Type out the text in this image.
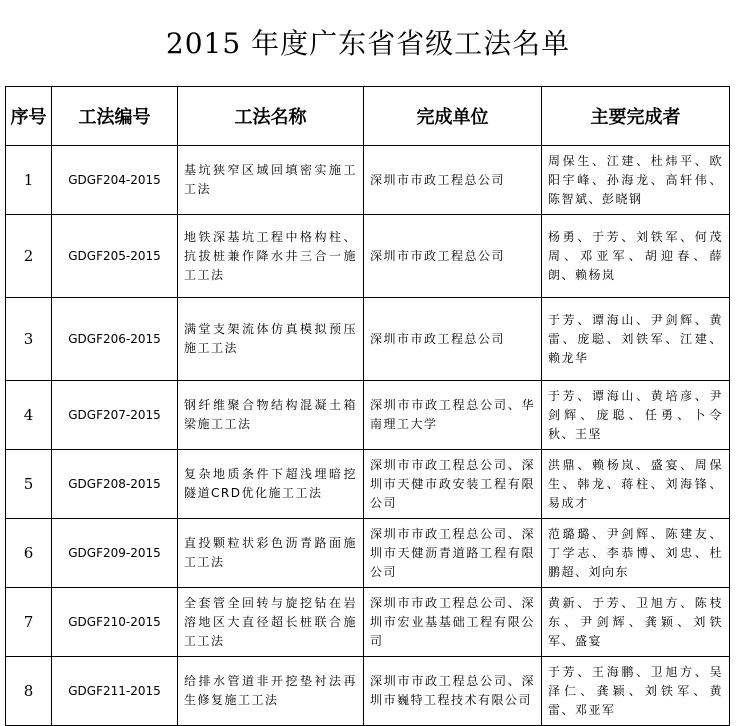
2015 年度广东省省级工法名单
序号	工法编号	工法名称	完成单位	主要完成者
1	GDGF204-2015	基坑狭窄区域回填密实施工工法	深圳市市政工程总公司	周保生、江建、杜炜平、欧阳宇峰、孙海龙、高轩伟、陈智斌、彭晓钢
2	GDGF205-2015	地铁深基坑工程中格构柱、抗拔桩兼作降水井三合一施工工法	深圳市市政工程总公司	杨勇、于芳、刘铁军、何茂周、邓亚军、胡迎春、薛朗、赖杨岚
3	GDGF206-2015	满堂支架流体仿真模拟预压施工工法	深圳市市政工程总公司	于芳、谭海山、尹剑辉、黄雷、庞聪、刘铁军、江建、赖龙华
4	GDGF207-2015	钢纤维聚合物结构混凝土箱梁施工工法	深圳市市政工程总公司、华南理工大学	于芳、谭海山、黄培彦、尹剑辉、庞聪、任勇、卜令秋、王坚
5	GDGF208-2015	复杂地质条件下超浅埋暗挖隧道CRD优化施工工法	深圳市市政工程总公司、深圳市天健市政安装工程有限公司	洪鼎、赖杨岚、盛宴、周保生、韩龙、蒋柱、刘海锋、易成才
6	GDGF209-2015	直投颗粒状彩色沥青路面施工工法	深圳市市政工程总公司、深圳市天健沥青道路工程有限公司	范璐璐、尹剑辉、陈建友、丁学志、李恭博、刘忠、杜鹏超、刘向东
7	GDGF210-2015	全套管全回转与旋挖钻在岩溶地区大直径超长桩联合施工工法	深圳市市政工程总公司、深圳市宏业基基础工程有限公司	黄新、于芳、卫旭方、陈枝东、尹剑辉、龚颖、刘铁军、盛宴
8	GDGF211-2015	给排水管道非开挖垫衬法再生修复施工工法	深圳市市政工程总公司、深圳市巍特工程技术有限公司	于芳、王海鹏、卫旭方、吴泽仁、龚颖、刘铁军、黄雷、邓亚军
